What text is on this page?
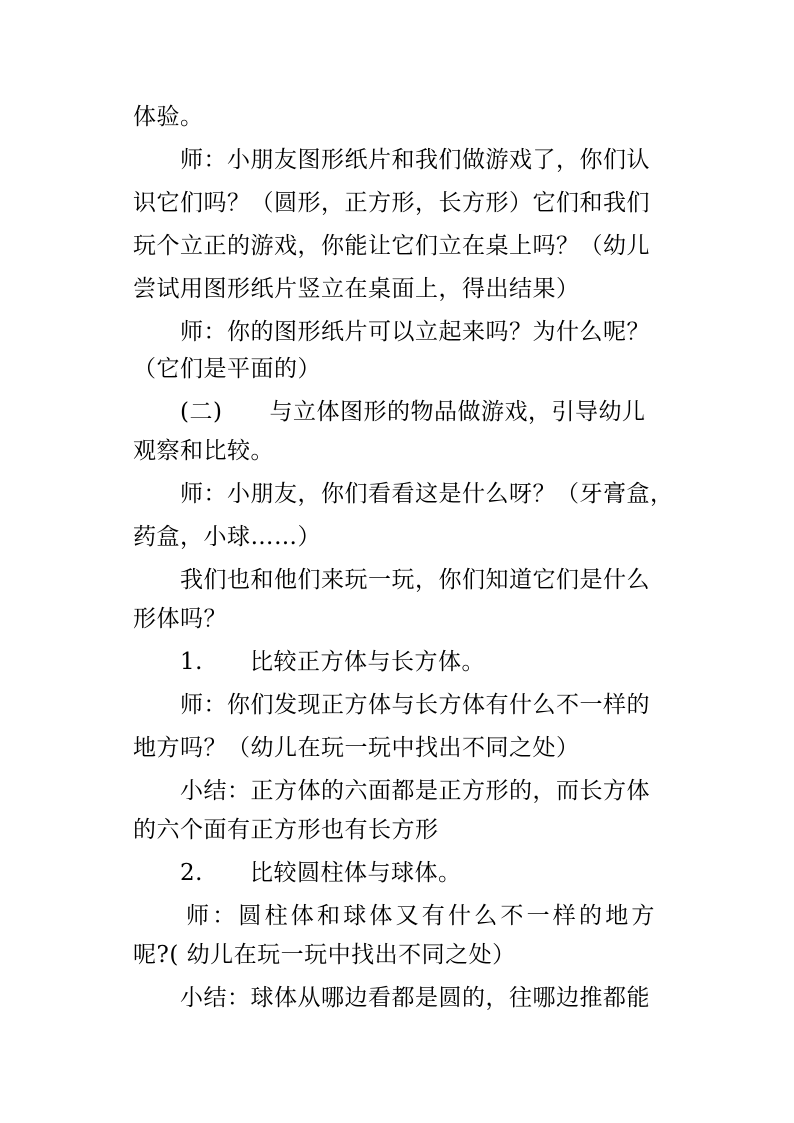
体验。
师：小朋友图形纸片和我们做游戏了，你们认
识它们吗？（圆形，正方形，长方形）它们和我们
玩个立正的游戏，你能让它们立在桌上吗？（幼儿
尝试用图形纸片竖立在桌面上，得出结果）
师：你的图形纸片可以立起来吗？为什么呢？
（它们是平面的）
(二)　　与立体图形的物品做游戏，引导幼儿
观察和比较。
师：小朋友，你们看看这是什么呀？（牙膏盒，
药盒，小球……）
我们也和他们来玩一玩，你们知道它们是什么
形体吗？
1.　　比较正方体与长方体。
师：你们发现正方体与长方体有什么不一样的
地方吗？（幼儿在玩一玩中找出不同之处）
小结：正方体的六面都是正方形的，而长方体
的六个面有正方形也有长方形
2.　　比较圆柱体与球体。
师：圆柱体和球体又有什么不一样的地方
呢?( 幼儿在玩一玩中找出不同之处）
小结：球体从哪边看都是圆的，往哪边推都能
